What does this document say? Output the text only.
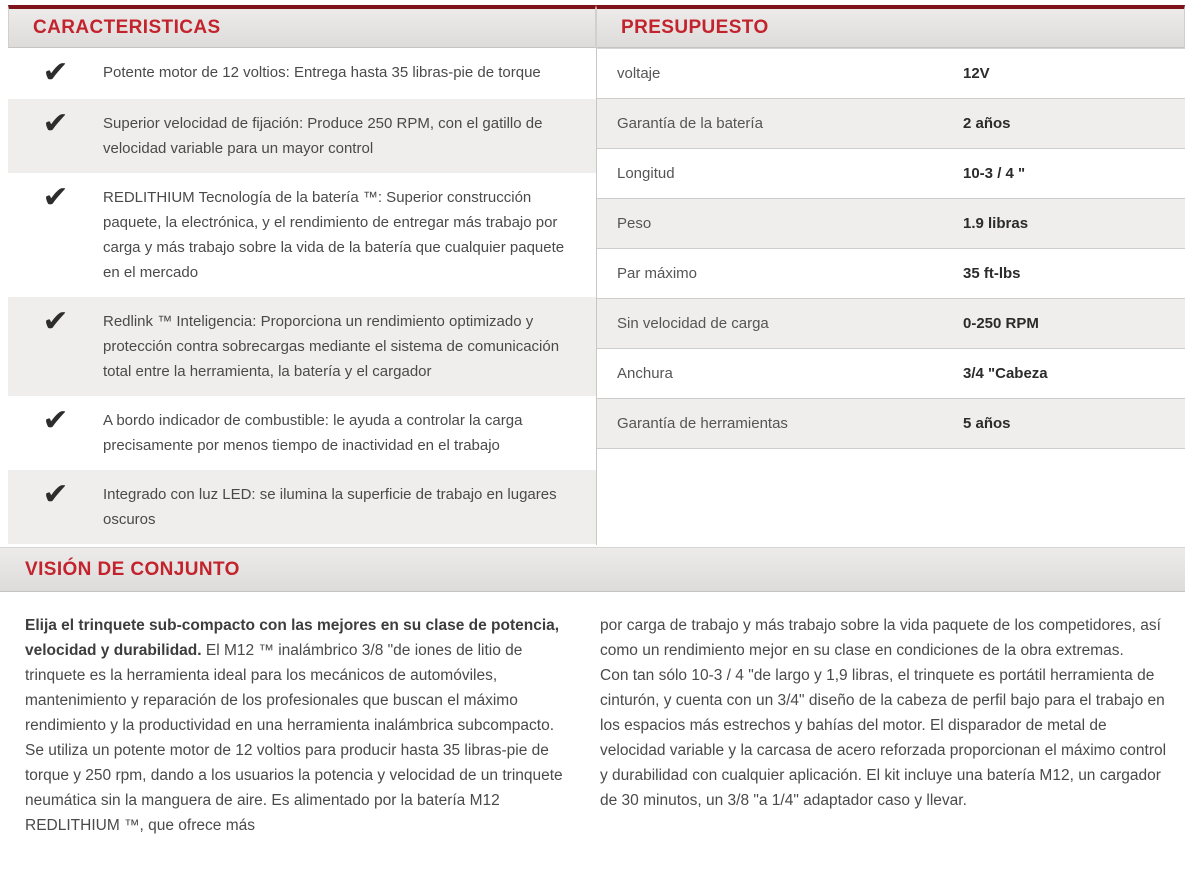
CARACTERISTICAS
✔	Potente motor de 12 voltios: Entrega hasta 35 libras-pie de torque
✔	Superior velocidad de fijación: Produce 250 RPM, con el gatillo de velocidad variable para un mayor control
✔	REDLITHIUM Tecnología de la batería ™: Superior construcción paquete, la electrónica, y el rendimiento de entregar más trabajo por carga y más trabajo sobre la vida de la batería que cualquier paquete en el mercado
✔	Redlink ™ Inteligencia: Proporciona un rendimiento optimizado y protección contra sobrecargas mediante el sistema de comunicación total entre la herramienta, la batería y el cargador
✔	A bordo indicador de combustible: le ayuda a controlar la carga precisamente por menos tiempo de inactividad en el trabajo
✔	Integrado con luz LED: se ilumina la superficie de trabajo en lugares oscuros
PRESUPUESTO
voltaje	12V
Garantía de la batería	2 años
Longitud	10-3 / 4 "
Peso	1.9 libras
Par máximo	35 ft-lbs
Sin velocidad de carga	0-250 RPM
Anchura	3/4 "Cabeza
Garantía de herramientas	5 años
VISIÓN DE CONJUNTO
Elija el trinquete sub-compacto con las mejores en su clase de potencia, velocidad y durabilidad. El M12 ™ inalámbrico 3/8 "de iones de litio de trinquete es la herramienta ideal para los mecánicos de automóviles, mantenimiento y reparación de los profesionales que buscan el máximo rendimiento y la productividad en una herramienta inalámbrica subcompacto. Se utiliza un potente motor de 12 voltios para producir hasta 35 libras-pie de torque y 250 rpm, dando a los usuarios la potencia y velocidad de un trinquete neumática sin la manguera de aire. Es alimentado por la batería M12 REDLITHIUM ™, que ofrece más
por carga de trabajo y más trabajo sobre la vida paquete de los competidores, así como un rendimiento mejor en su clase en condiciones de la obra extremas.
Con tan sólo 10-3 / 4 "de largo y 1,9 libras, el trinquete es portátil herramienta de cinturón, y cuenta con un 3/4" diseño de la cabeza de perfil bajo para el trabajo en los espacios más estrechos y bahías del motor. El disparador de metal de velocidad variable y la carcasa de acero reforzada proporcionan el máximo control y durabilidad con cualquier aplicación. El kit incluye una batería M12, un cargador de 30 minutos, un 3/8 "a 1/4" adaptador caso y llevar.
